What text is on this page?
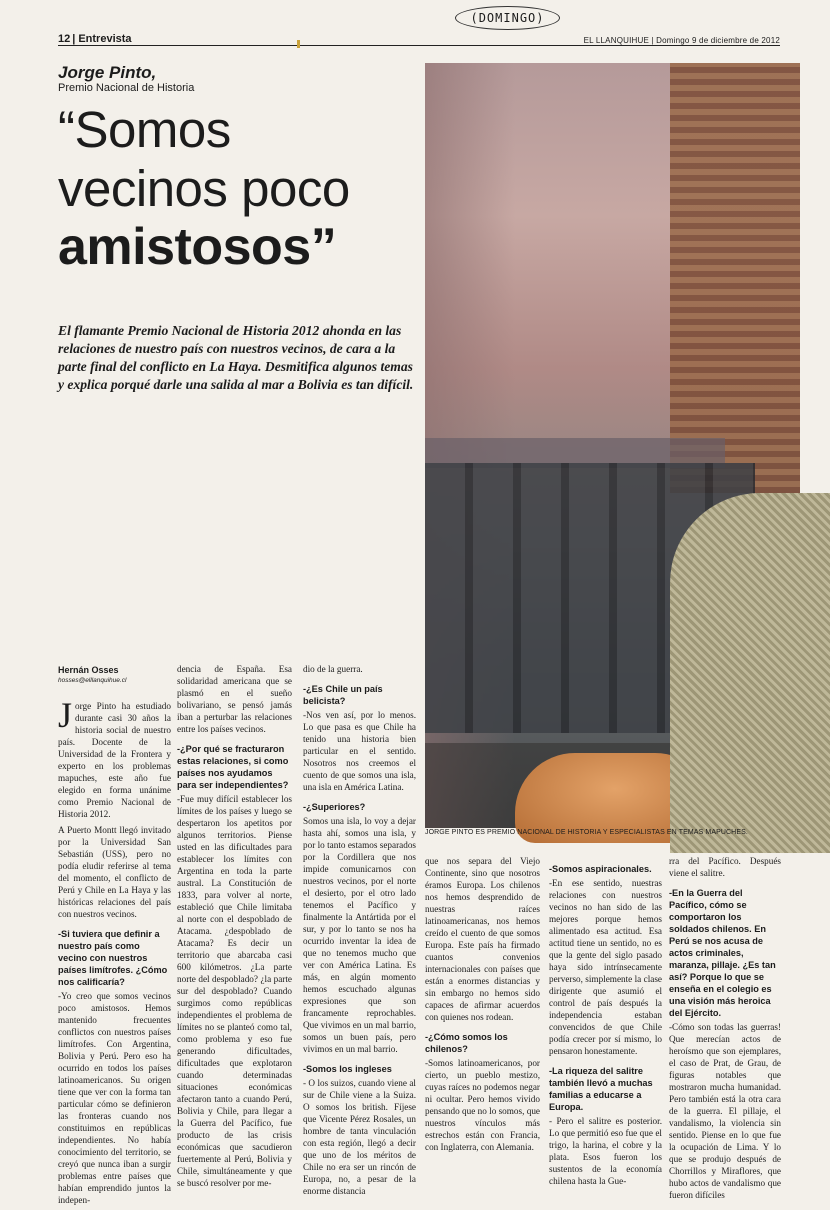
(DOMINGO)
12 | Entrevista	EL LLANQUIHUE | Domingo 9 de diciembre de 2012
Jorge Pinto,
Premio Nacional de Historia
“Somos
vecinos poco
amistosos”
El flamante Premio Nacional de Historia 2012 ahonda en las relaciones de nuestro país con nuestros vecinos, de cara a la parte final del conflicto en La Haya. Desmitifica algunos temas y explica porqué darle una salida al mar a Bolivia es tan difícil.
JORGE PINTO ES PREMIO NACIONAL DE HISTORIA Y ESPECIALISTAS EN TEMAS MAPUCHES.
Hernán Osses
hosses@elllanquihue.cl

Jorge Pinto ha estudiado durante casi 30 años la historia social de nuestro país. Docente de la Universidad de la Frontera y experto en los problemas mapuches, este año fue elegido en forma unánime como Premio Nacional de Historia 2012.

A Puerto Montt llegó invitado por la Universidad San Sebastián (USS), pero no podía eludir referirse al tema del momento, el conflicto de Perú y Chile en La Haya y las históricas relaciones del país con nuestros vecinos.

-Si tuviera que definir a nuestro país como vecino con nuestros países limítrofes. ¿Cómo nos calificaría?

-Yo creo que somos vecinos poco amistosos. Hemos mantenido frecuentes conflictos con nuestros países limítrofes. Con Argentina, Bolivia y Perú. Pero eso ha ocurrido en todos los países latinoamericanos. Su origen tiene que ver con la forma tan particular cómo se definieron las fronteras cuando nos constituimos en repúblicas independientes. No había conocimiento del territorio, se creyó que nunca iban a surgir problemas entre países que habían emprendido juntos la indepen-

dencia de España. Esa solidaridad americana que se plasmó en el sueño bolivariano, se pensó jamás iban a perturbar las relaciones entre los países vecinos.

-¿Por qué se fracturaron estas relaciones, si como países nos ayudamos para ser independientes?

-Fue muy difícil establecer los límites de los países y luego se despertaron los apetitos por algunos territorios. Piense usted en las dificultades para establecer los límites con Argentina en toda la parte austral. La Constitución de 1833, para volver al norte, estableció que Chile limitaba al norte con el despoblado de Atacama. ¿despoblado de Atacama? Es decir un territorio que abarcaba casi 600 kilómetros. ¿La parte norte del despoblado? ¿la parte sur del despoblado? Cuando surgimos como repúblicas independientes el problema de límites no se planteó como tal, como problema y eso fue generando dificultades, dificultades que explotaron cuando determinadas situaciones económicas afectaron tanto a cuando Perú, Bolivia y Chile, para llegar a la Guerra del Pacífico, fue producto de las crisis económicas que sacudieron fuertemente al Perú, Bolivia y Chile, simultáneamente y que se buscó resolver por me-

dio de la guerra.

-¿Es Chile un país belicista?

-Nos ven así, por lo menos. Lo que pasa es que Chile ha tenido una historia bien particular en el sentido. Nosotros nos creemos el cuento de que somos una isla, una isla en América Latina.

-¿Superiores?

Somos una isla, lo voy a dejar hasta ahí, somos una isla, y por lo tanto estamos separados por la Cordillera que nos impide comunicarnos con nuestros vecinos, por el norte el desierto, por el otro lado tenemos el Pacífico y finalmente la Antártida por el sur, y por lo tanto se nos ha ocurrido inventar la idea de que no tenemos mucho que ver con América Latina. Es más, en algún momento hemos escuchado algunas expresiones que son francamente reprochables. Que vivimos en un mal barrio, somos un buen país, pero vivimos en un mal barrio.

-Somos los ingleses

- O los suizos, cuando viene al sur de Chile viene a la Suiza. O somos los british. Fíjese que Vicente Pérez Rosales, un hombre de tanta vinculación con esta región, llegó a decir que uno de los méritos de Chile no era ser un rincón de Europa, no, a pesar de la enorme distancia

que nos separa del Viejo Continente, sino que nosotros éramos Europa. Los chilenos nos hemos desprendido de nuestras raíces latinoamericanas, nos hemos creído el cuento de que somos Europa. Este país ha firmado cuantos convenios internacionales con países que están a enormes distancias y sin embargo no hemos sido capaces de afirmar acuerdos con quienes nos rodean.

-¿Cómo somos los chilenos?

-Somos latinoamericanos, por cierto, un pueblo mestizo, cuyas raíces no podemos negar ni ocultar. Pero hemos vivido pensando que no lo somos, que nuestros vínculos más estrechos están con Francia, con Inglaterra, con Alemania.

-Somos aspiracionales.

-En ese sentido, nuestras relaciones con nuestros vecinos no han sido de las mejores porque hemos alimentado esa actitud. Esa actitud tiene un sentido, no es que la gente del siglo pasado haya sido intrínsecamente perverso, simplemente la clase dirigente que asumió el control de país después la independencia estaban convencidos de que Chile podía crecer por sí mismo, lo pensaron honestamente.

-La riqueza del salitre también llevó a muchas familias a educarse a Europa.

- Pero el salitre es posterior. Lo que permitió eso fue que el trigo, la harina, el cobre y la plata. Esos fueron los sustentos de la economía chilena hasta la Gue-

rra del Pacífico. Después viene el salitre.

-En la Guerra del Pacífico, cómo se comportaron los soldados chilenos. En Perú se nos acusa de actos criminales, maranza, pillaje. ¿Es tan así? Porque lo que se enseña en el colegio es una visión más heroica del Ejército.

-Cómo son todas las guerras! Que merecían actos de heroísmo que son ejemplares, el caso de Prat, de Grau, de figuras notables que mostraron mucha humanidad. Pero también está la otra cara de la guerra. El pillaje, el vandalismo, la violencia sin sentido. Piense en lo que fue la ocupación de Lima. Y lo que se produjo después de Chorrillos y Miraflores, que hubo actos de vandalismo que fueron difíciles
